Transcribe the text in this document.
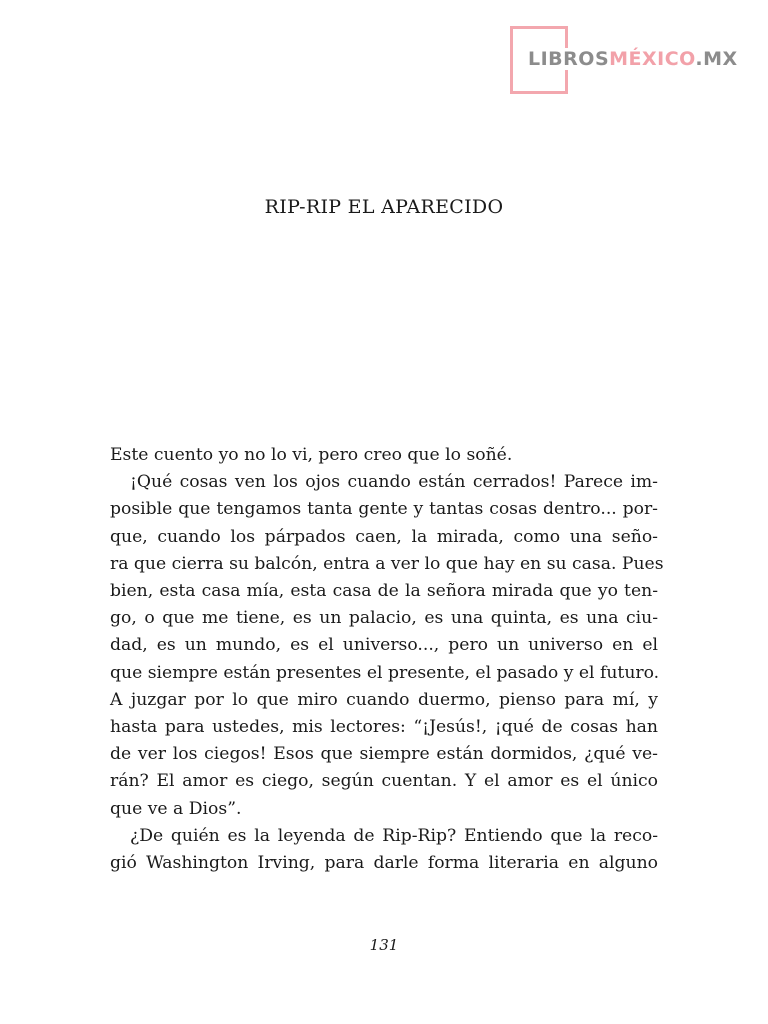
LIBROSMÉXICO.MX
RIP-RIP EL APARECIDO
Este cuento yo no lo vi, pero creo que lo soñé.
¡Qué cosas ven los ojos cuando están cerrados! Parece im-
posible que tengamos tanta gente y tantas cosas dentro... por-
que, cuando los párpados caen, la mirada, como una seño-
ra que cierra su balcón, entra a ver lo que hay en su casa. Pues
bien, esta casa mía, esta casa de la señora mirada que yo ten-
go, o que me tiene, es un palacio, es una quinta, es una ciu-
dad, es un mundo, es el universo..., pero un universo en el
que siempre están presentes el presente, el pasado y el futuro.
A juzgar por lo que miro cuando duermo, pienso para mí, y
hasta para ustedes, mis lectores: “¡Jesús!, ¡qué de cosas han
de ver los ciegos! Esos que siempre están dormidos, ¿qué ve-
rán? El amor es ciego, según cuentan. Y el amor es el único
que ve a Dios”.
¿De quién es la leyenda de Rip-Rip? Entiendo que la reco-
gió Washington Irving, para darle forma literaria en alguno
131
